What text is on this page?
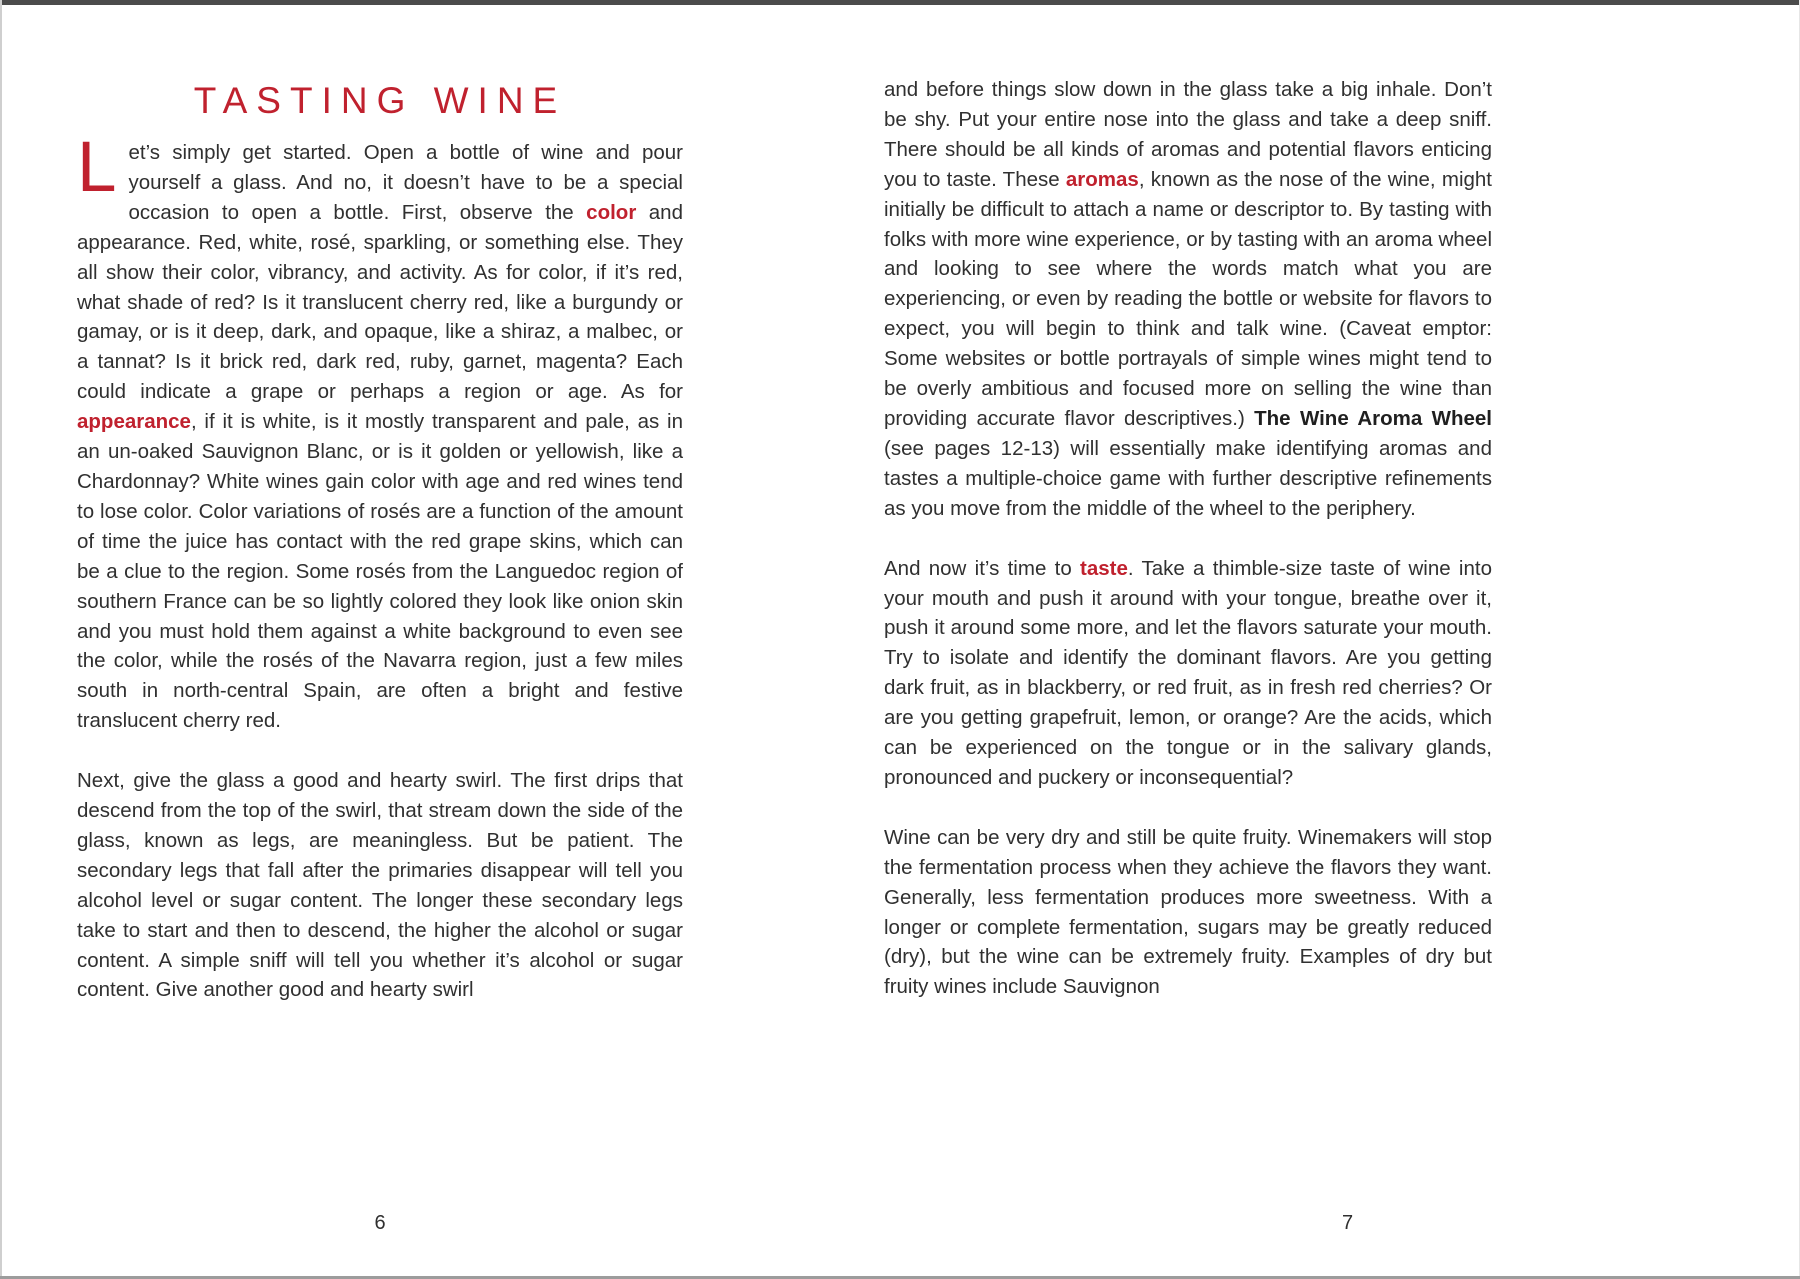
TASTING WINE

Let’s simply get started. Open a bottle of wine and pour yourself a glass. And no, it doesn’t have to be a special occasion to open a bottle. First, observe the color and appearance. Red, white, rosé, sparkling, or something else. They all show their color, vibrancy, and activity. As for color, if it’s red, what shade of red? Is it translucent cherry red, like a burgundy or gamay, or is it deep, dark, and opaque, like a shiraz, a malbec, or a tannat? Is it brick red, dark red, ruby, garnet, magenta? Each could indicate a grape or perhaps a region or age. As for appearance, if it is white, is it mostly transparent and pale, as in an un-oaked Sauvignon Blanc, or is it golden or yellowish, like a Chardonnay? White wines gain color with age and red wines tend to lose color. Color variations of rosés are a function of the amount of time the juice has contact with the red grape skins, which can be a clue to the region. Some rosés from the Languedoc region of southern France can be so lightly colored they look like onion skin and you must hold them against a white background to even see the color, while the rosés of the Navarra region, just a few miles south in north-central Spain, are often a bright and festive translucent cherry red.

Next, give the glass a good and hearty swirl. The first drips that descend from the top of the swirl, that stream down the side of the glass, known as legs, are meaningless. But be patient. The secondary legs that fall after the primaries disappear will tell you alcohol level or sugar content. The longer these secondary legs take to start and then to descend, the higher the alcohol or sugar content. A simple sniff will tell you whether it’s alcohol or sugar content. Give another good and hearty swirl

6

and before things slow down in the glass take a big inhale. Don’t be shy. Put your entire nose into the glass and take a deep sniff. There should be all kinds of aromas and potential flavors enticing you to taste. These aromas, known as the nose of the wine, might initially be difficult to attach a name or descriptor to. By tasting with folks with more wine experience, or by tasting with an aroma wheel and looking to see where the words match what you are experiencing, or even by reading the bottle or website for flavors to expect, you will begin to think and talk wine. (Caveat emptor: Some websites or bottle portrayals of simple wines might tend to be overly ambitious and focused more on selling the wine than providing accurate flavor descriptives.) The Wine Aroma Wheel (see pages 12-13) will essentially make identifying aromas and tastes a multiple-choice game with further descriptive refinements as you move from the middle of the wheel to the periphery.

And now it’s time to taste. Take a thimble-size taste of wine into your mouth and push it around with your tongue, breathe over it, push it around some more, and let the flavors saturate your mouth. Try to isolate and identify the dominant flavors. Are you getting dark fruit, as in blackberry, or red fruit, as in fresh red cherries? Or are you getting grapefruit, lemon, or orange? Are the acids, which can be experienced on the tongue or in the salivary glands, pronounced and puckery or inconsequential?

Wine can be very dry and still be quite fruity. Winemakers will stop the fermentation process when they achieve the flavors they want. Generally, less fermentation produces more sweetness. With a longer or complete fermentation, sugars may be greatly reduced (dry), but the wine can be extremely fruity. Examples of dry but fruity wines include Sauvignon

7
